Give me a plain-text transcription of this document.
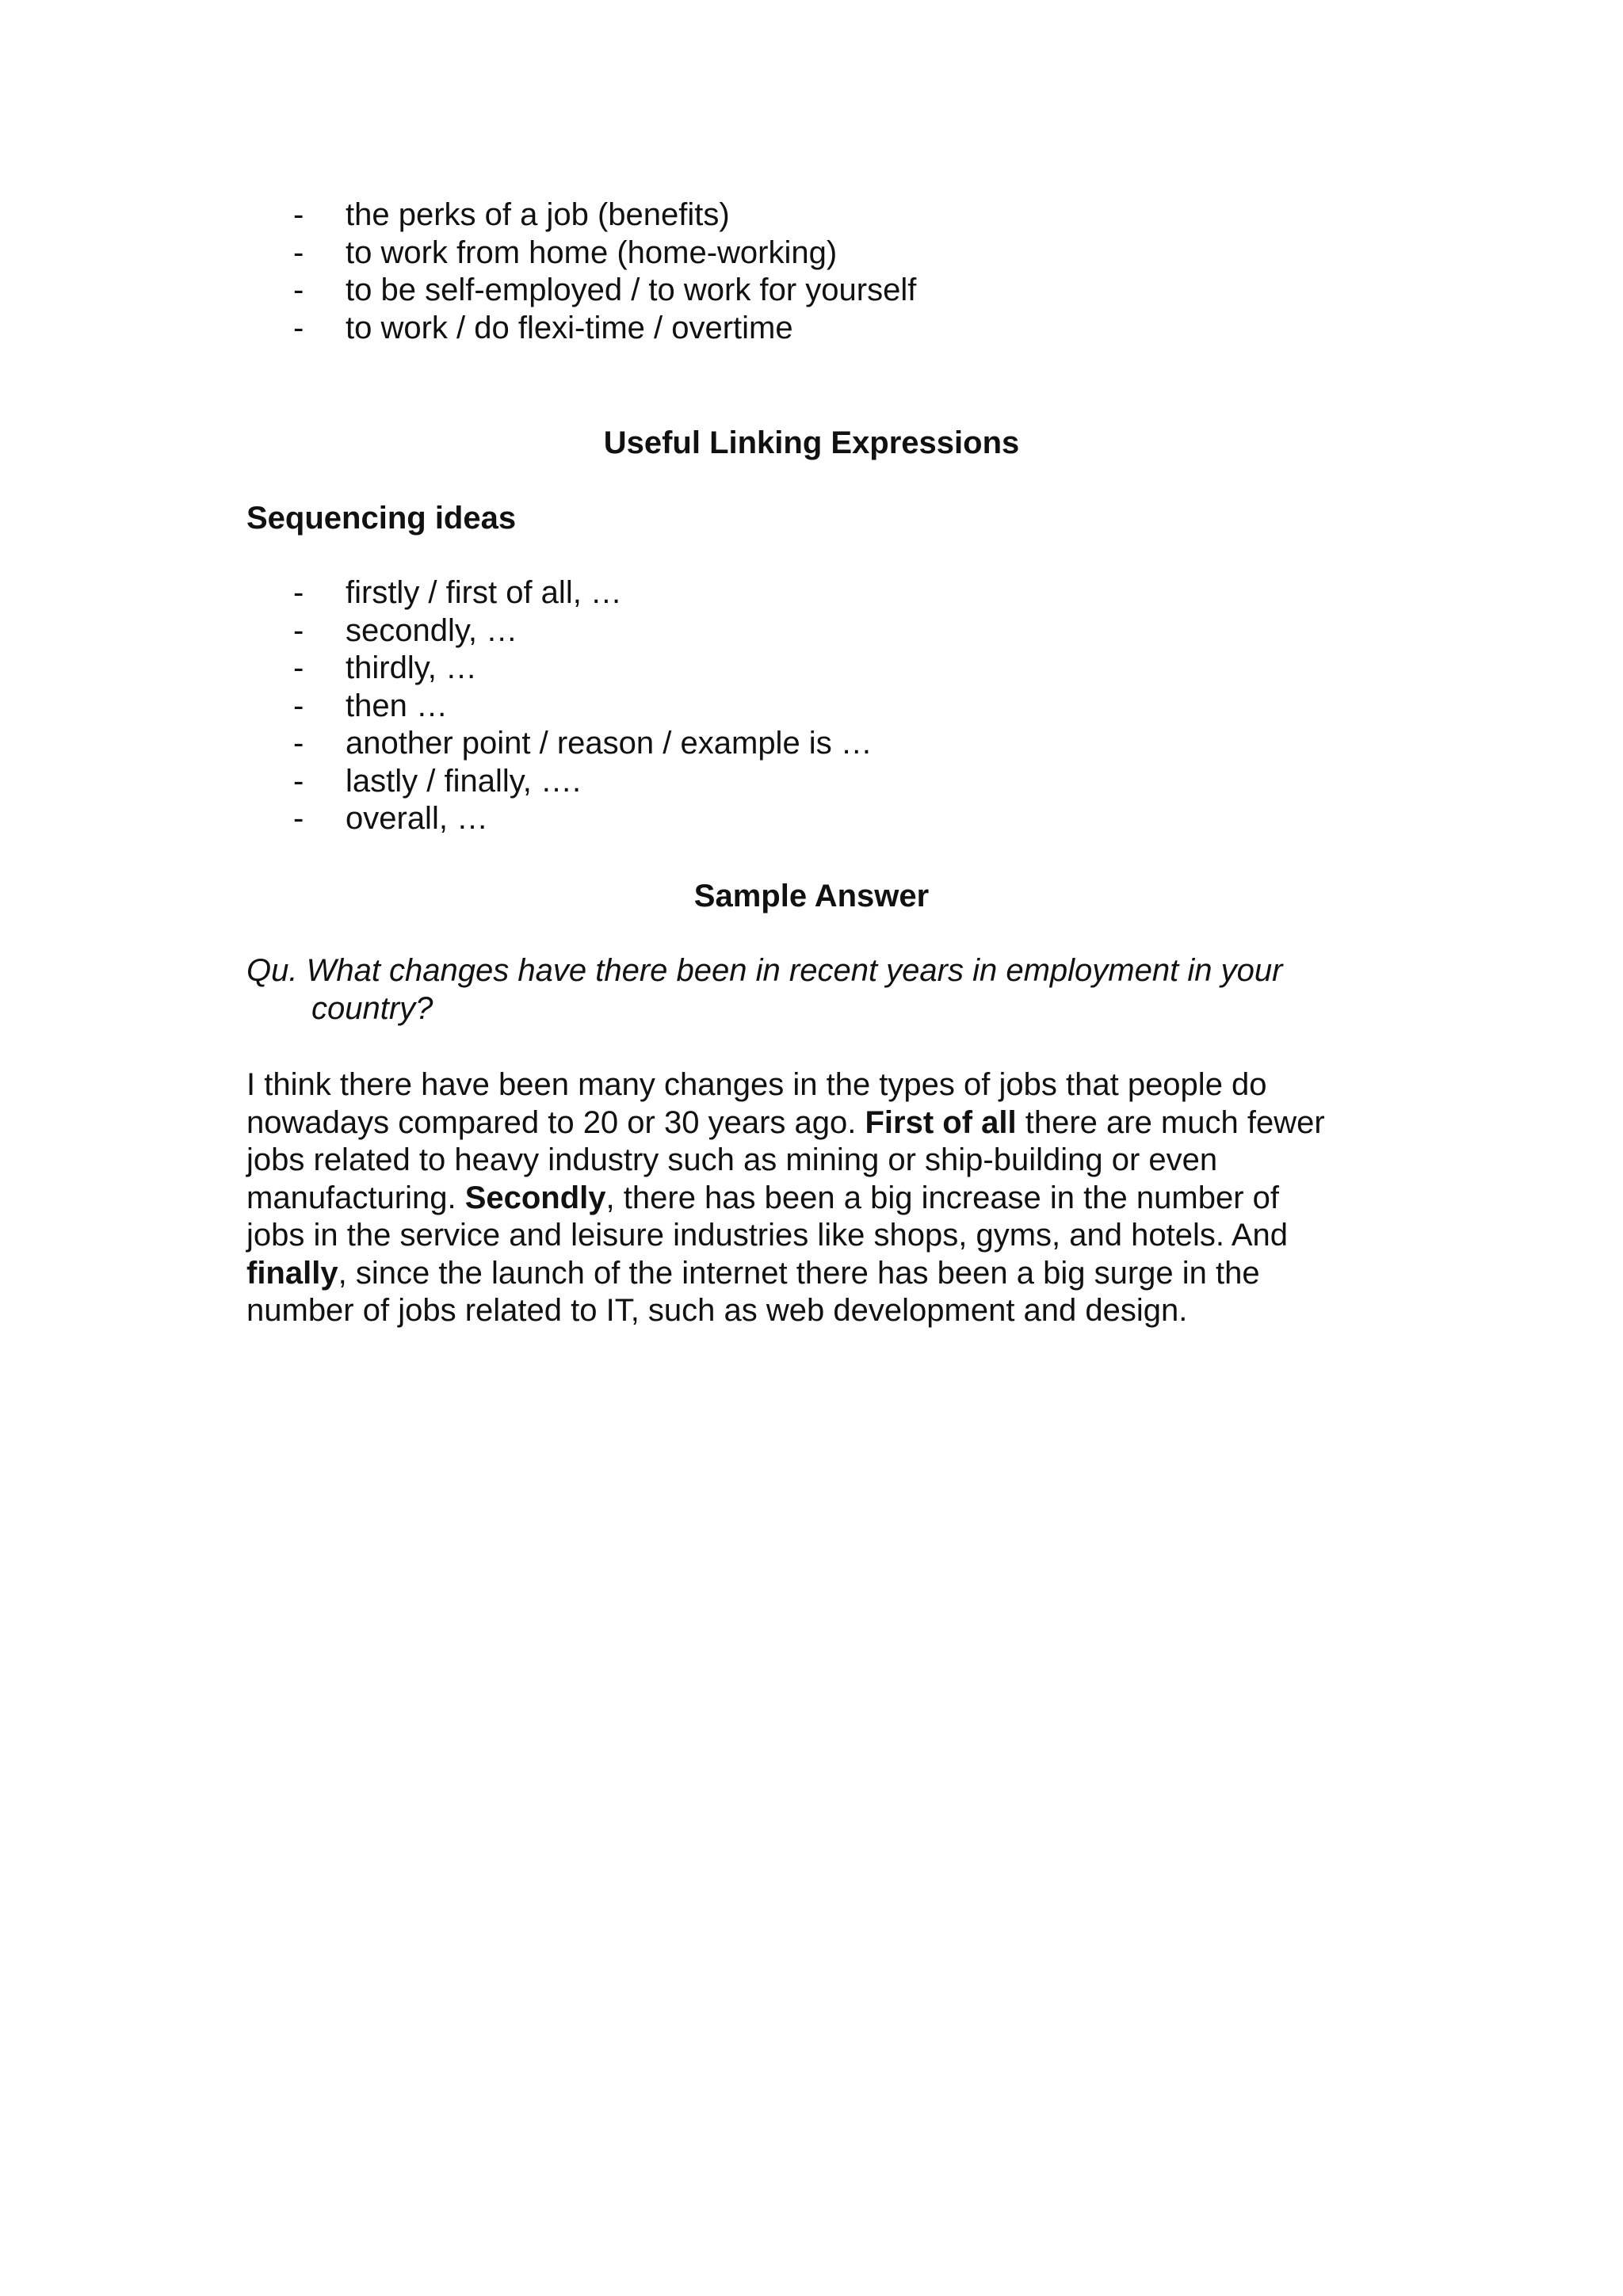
- the perks of a job (benefits)
- to work from home (home-working)
- to be self-employed / to work for yourself
- to work / do flexi-time / overtime
Useful Linking Expressions
Sequencing ideas
- firstly / first of all, …
- secondly, …
- thirdly, …
- then …
- another point / reason / example is …
- lastly / finally, ….
- overall, …
Sample Answer
Qu. What changes have there been in recent years in employment in your
country?
I think there have been many changes in the types of jobs that people do
nowadays compared to 20 or 30 years ago. First of all there are much fewer
jobs related to heavy industry such as mining or ship-building or even
manufacturing. Secondly, there has been a big increase in the number of
jobs in the service and leisure industries like shops, gyms, and hotels. And
finally, since the launch of the internet there has been a big surge in the
number of jobs related to IT, such as web development and design.
